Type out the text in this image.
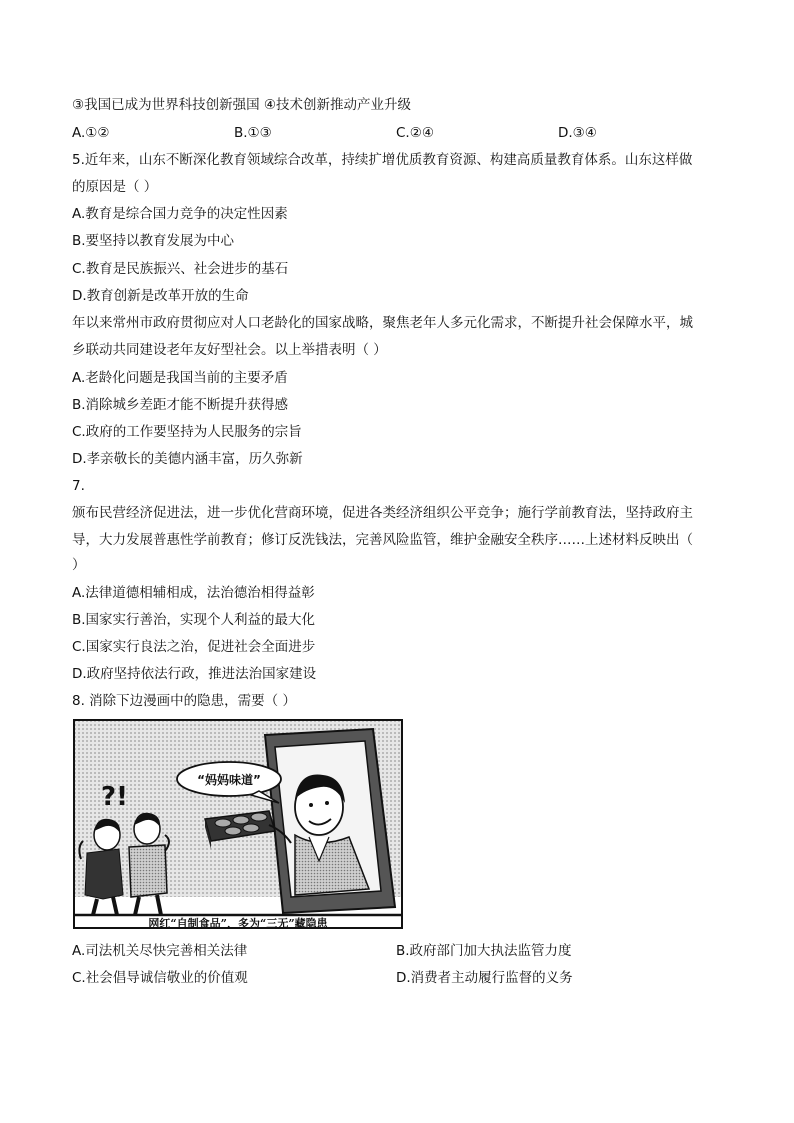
③我国已成为世界科技创新强国 ④技术创新推动产业升级
A.①②	B.①③	C.②④	D.③④
5.近年来，山东不断深化教育领域综合改革，持续扩增优质教育资源、构建高质量教育体系。山东这样做
的原因是（ ）
A.教育是综合国力竞争的决定性因素
B.要坚持以教育发展为中心
C.教育是民族振兴、社会进步的基石
D.教育创新是改革开放的生命
年以来常州市政府贯彻应对人口老龄化的国家战略，聚焦老年人多元化需求，不断提升社会保障水平，城
乡联动共同建设老年友好型社会。以上举措表明（ ）
A.老龄化问题是我国当前的主要矛盾
B.消除城乡差距才能不断提升获得感
C.政府的工作要坚持为人民服务的宗旨
D.孝亲敬长的美德内涵丰富，历久弥新
7.
颁布民营经济促进法，进一步优化营商环境，促进各类经济组织公平竞争；施行学前教育法，坚持政府主
导，大力发展普惠性学前教育；修订反洗钱法，完善风险监管，维护金融安全秩序……上述材料反映出（
）
A.法律道德相辅相成，法治德治相得益彰
B.国家实行善治，实现个人利益的最大化
C.国家实行良法之治，促进社会全面进步
D.政府坚持依法行政，推进法治国家建设
8. 消除下边漫画中的隐患，需要（ ）
“妈妈味道”
?!
网红“自制食品”，多为“三无”藏隐患
A.司法机关尽快完善相关法律	B.政府部门加大执法监管力度
C.社会倡导诚信敬业的价值观	D.消费者主动履行监督的义务
